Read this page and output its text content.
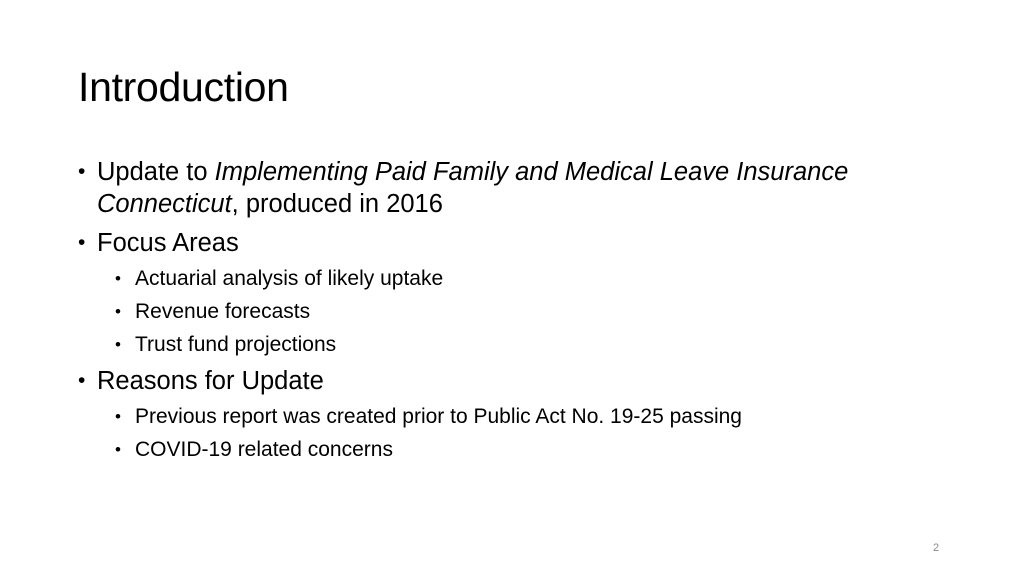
Introduction
• Update to Implementing Paid Family and Medical Leave Insurance Connecticut, produced in 2016
• Focus Areas
• Actuarial analysis of likely uptake
• Revenue forecasts
• Trust fund projections
• Reasons for Update
• Previous report was created prior to Public Act No. 19-25 passing
• COVID-19 related concerns
2
